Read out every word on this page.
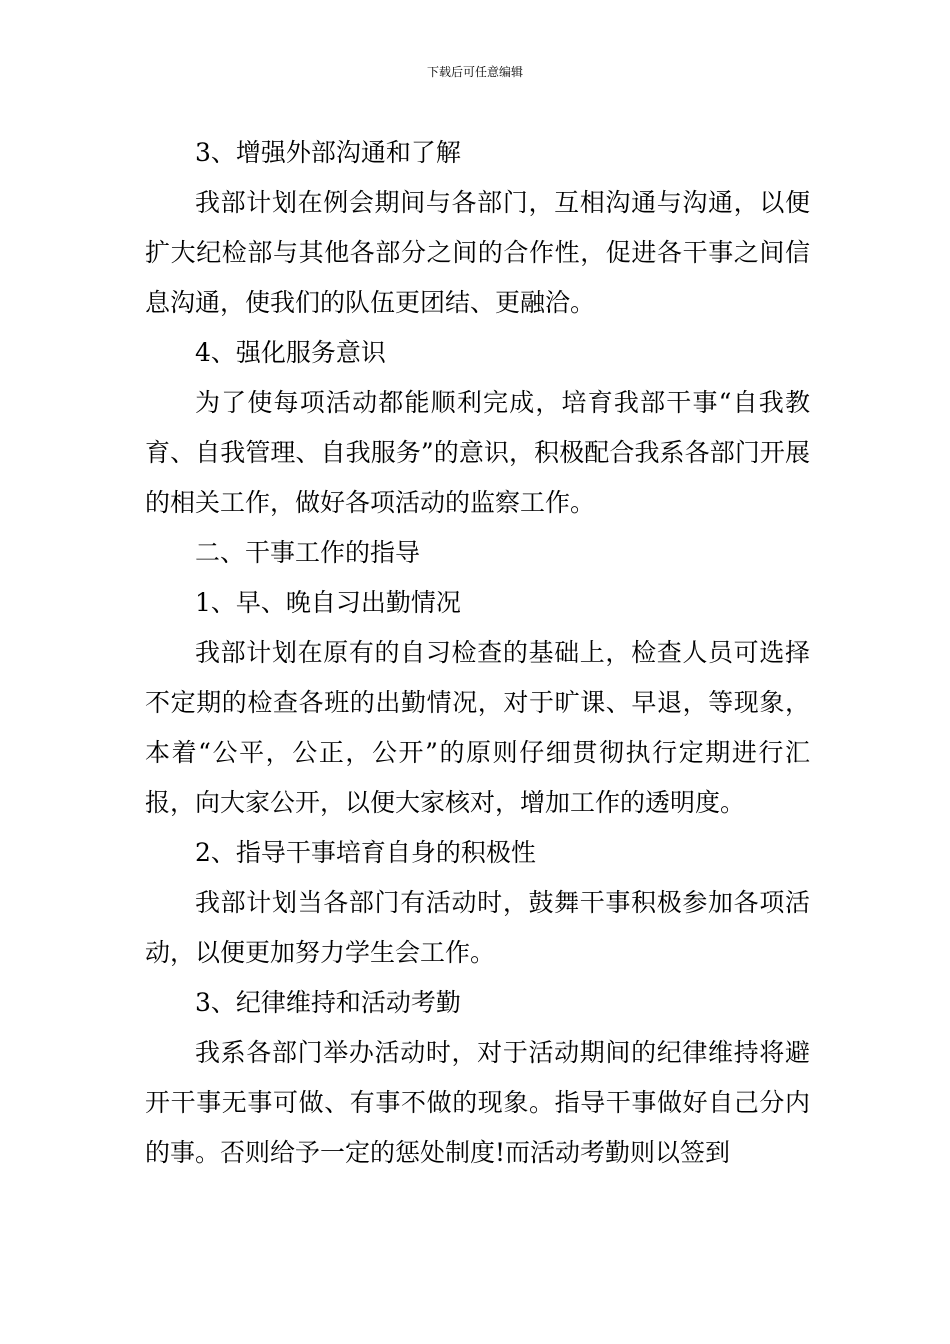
下载后可任意编辑

3、增强外部沟通和了解

我部计划在例会期间与各部门，互相沟通与沟通，以便扩大纪检部与其他各部分之间的合作性，促进各干事之间信息沟通，使我们的队伍更团结、更融洽。

4、强化服务意识

为了使每项活动都能顺利完成，培育我部干事“自我教育、自我管理、自我服务”的意识，积极配合我系各部门开展的相关工作，做好各项活动的监察工作。

二、干事工作的指导

1、早、晚自习出勤情况

我部计划在原有的自习检查的基础上，检查人员可选择不定期的检查各班的出勤情况，对于旷课、早退，等现象，本着“公平，公正，公开”的原则仔细贯彻执行定期进行汇报，向大家公开，以便大家核对，增加工作的透明度。

2、指导干事培育自身的积极性

我部计划当各部门有活动时，鼓舞干事积极参加各项活动，以便更加努力学生会工作。

3、纪律维持和活动考勤

我系各部门举办活动时，对于活动期间的纪律维持将避开干事无事可做、有事不做的现象。指导干事做好自己分内的事。否则给予一定的惩处制度!而活动考勤则以签到
